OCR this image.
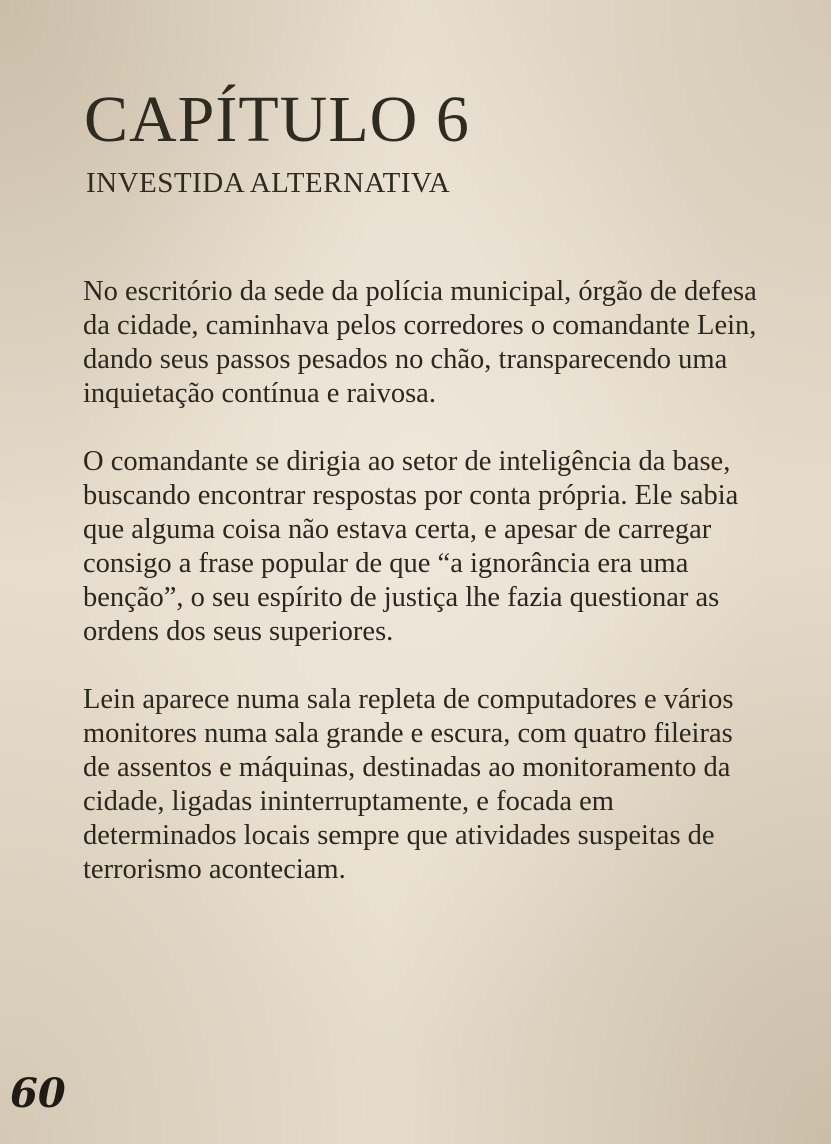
CAPÍTULO 6
INVESTIDA ALTERNATIVA

No escritório da sede da polícia municipal, órgão de defesa da cidade, caminhava pelos corredores o comandante Lein, dando seus passos pesados no chão, transparecendo uma inquietação contínua e raivosa.

O comandante se dirigia ao setor de inteligência da base, buscando encontrar respostas por conta própria. Ele sabia que alguma coisa não estava certa, e apesar de carregar consigo a frase popular de que “a ignorância era uma benção”, o seu espírito de justiça lhe fazia questionar as ordens dos seus superiores.

Lein aparece numa sala repleta de computadores e vários monitores numa sala grande e escura, com quatro fileiras de assentos e máquinas, destinadas ao monitoramento da cidade, ligadas ininterruptamente, e focada em determinados locais sempre que atividades suspeitas de terrorismo aconteciam.

60
